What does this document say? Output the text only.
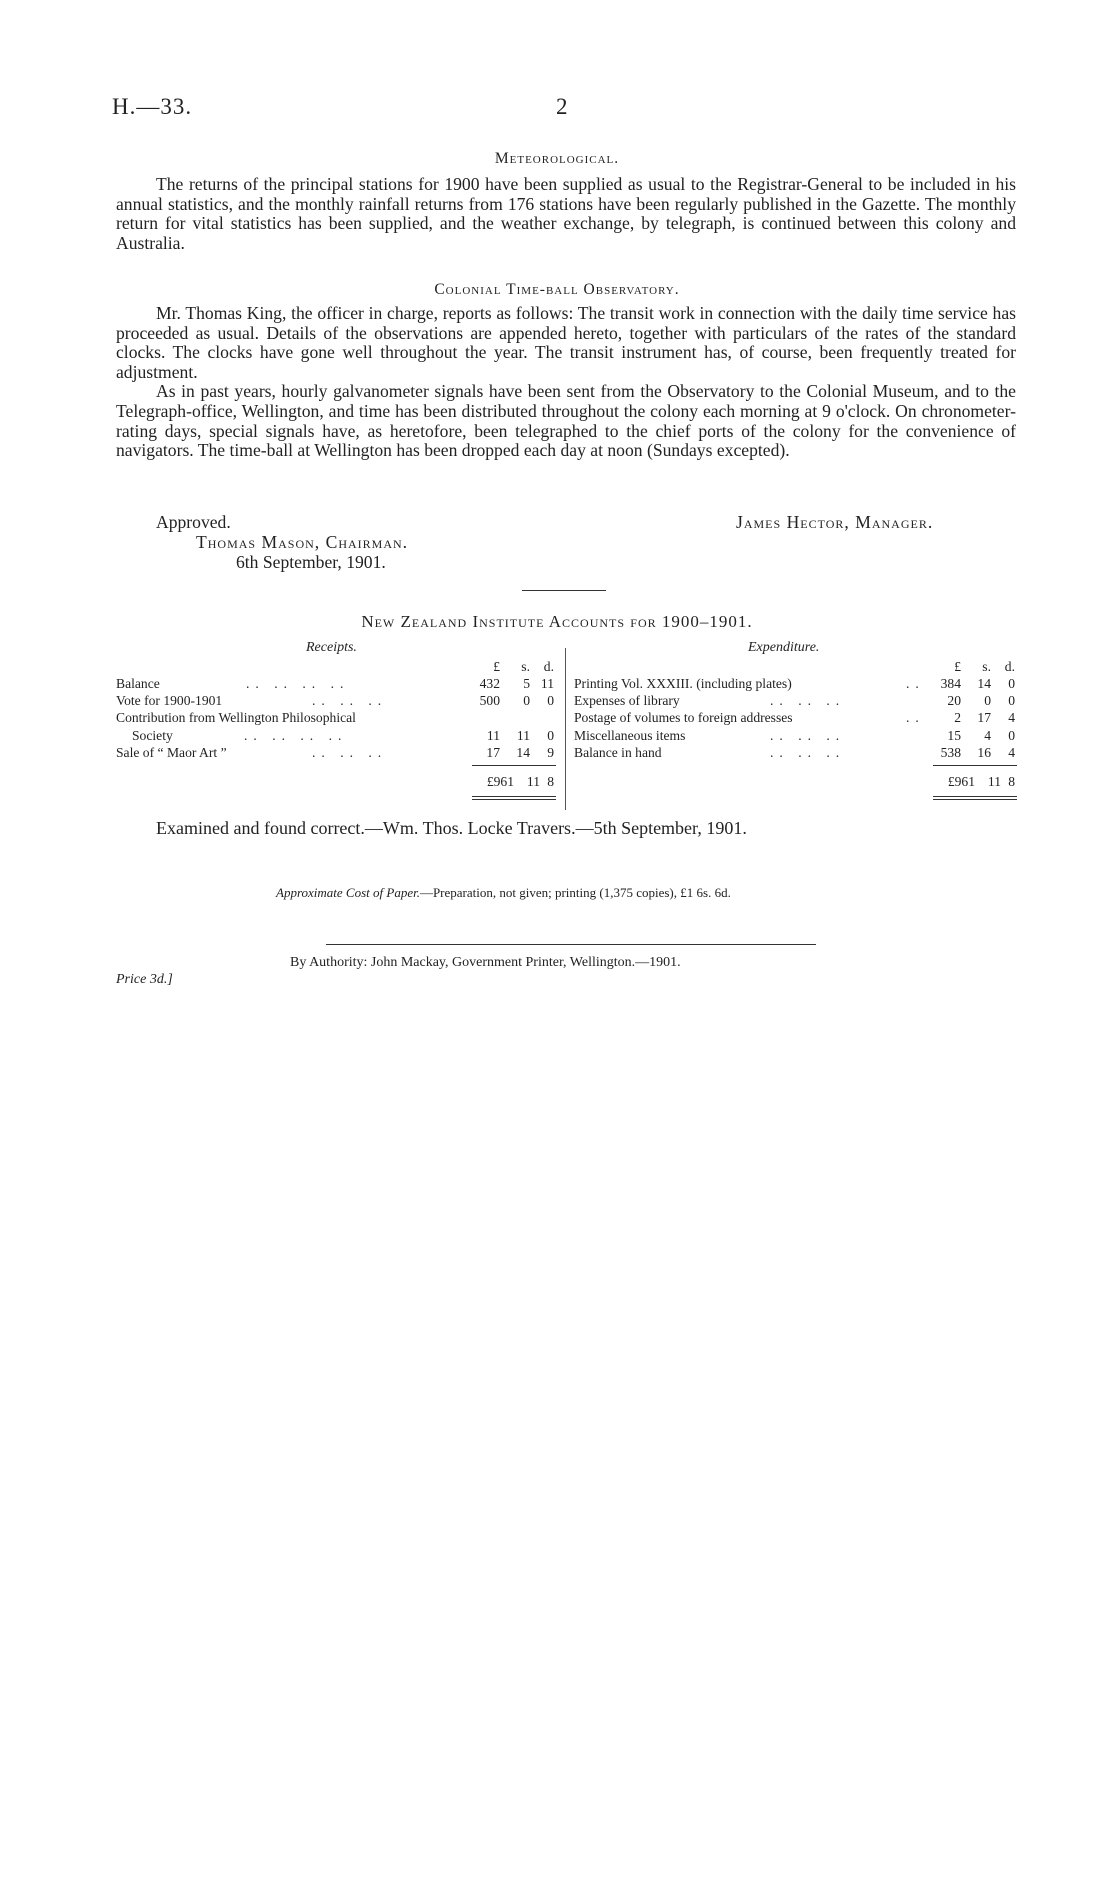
H.—33.	2
Meteorological.

The returns of the principal stations for 1900 have been supplied as usual to the Registrar-General to be included in his annual statistics, and the monthly rainfall returns from 176 stations have been regularly published in the Gazette. The monthly return for vital statistics has been supplied, and the weather exchange, by telegraph, is continued between this colony and Australia.

Colonial Time-ball Observatory.

Mr. Thomas King, the officer in charge, reports as follows: The transit work in connection with the daily time service has proceeded as usual. Details of the observations are appended hereto, together with particulars of the rates of the standard clocks. The clocks have gone well throughout the year. The transit instrument has, of course, been frequently treated for adjustment.

As in past years, hourly galvanometer signals have been sent from the Observatory to the Colonial Museum, and to the Telegraph-office, Wellington, and time has been distributed throughout the colony each morning at 9 o'clock. On chronometer-rating days, special signals have, as heretofore, been telegraphed to the chief ports of the colony for the convenience of navigators. The time-ball at Wellington has been dropped each day at noon (Sundays excepted).

Approved.	James Hector, Manager.
Thomas Mason, Chairman.
6th September, 1901.
New Zealand Institute Accounts for 1900–1901.
Receipts.	Expenditure.
£ s. d.	£ s. d.
Balance	.. .. .. ..	432 5 11
Vote for 1900-1901	.. .. ..	500 0 0
Contribution from Wellington Philosophical
Society	.. .. .. ..	11 11 0
Sale of “ Maor Art ”	.. .. ..	17 14 9
£961 11 8
Printing Vol. XXXIII. (including plates)	.. 384 14 0
Expenses of library	.. .. ..	20 0 0
Postage of volumes to foreign addresses	.. 2 17 4
Miscellaneous items	.. .. ..	15 4 0
Balance in hand	.. .. ..	538 16 4
£961 11 8
Examined and found correct.—Wm. Thos. Locke Travers.—5th September, 1901.
Approximate Cost of Paper.—Preparation, not given; printing (1,375 copies), £1 6s. 6d.
By Authority: John Mackay, Government Printer, Wellington.—1901.
Price 3d.]
